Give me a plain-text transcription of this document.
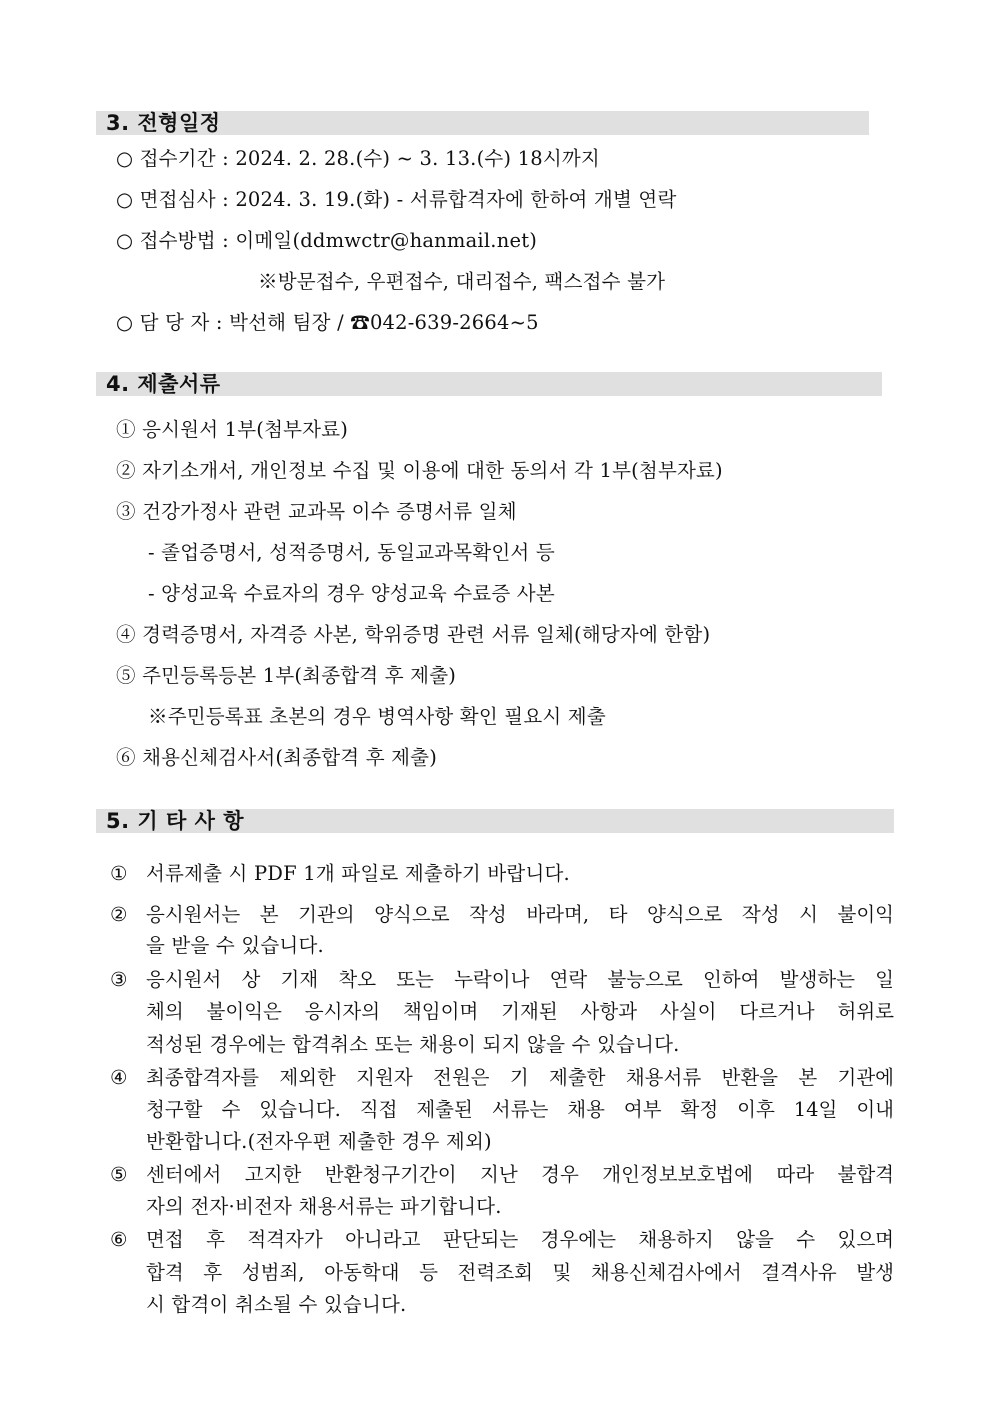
3. 전형일정
○ 접수기간 : 2024. 2. 28.(수) ~ 3. 13.(수) 18시까지
○ 면접심사 : 2024. 3. 19.(화) - 서류합격자에 한하여 개별 연락
○ 접수방법 : 이메일(ddmwctr@hanmail.net)
※방문접수, 우편접수, 대리접수, 팩스접수 불가
○ 담 당 자 : 박선해 팀장 / ☎042-639-2664~5
4. 제출서류
① 응시원서 1부(첨부자료)
② 자기소개서, 개인정보 수집 및 이용에 대한 동의서 각 1부(첨부자료)
③ 건강가정사 관련 교과목 이수 증명서류 일체
- 졸업증명서, 성적증명서, 동일교과목확인서 등
- 양성교육 수료자의 경우 양성교육 수료증 사본
④ 경력증명서, 자격증 사본, 학위증명 관련 서류 일체(해당자에 한함)
⑤ 주민등록등본 1부(최종합격 후 제출)
※주민등록표 초본의 경우 병역사항 확인 필요시 제출
⑥ 채용신체검사서(최종합격 후 제출)
5. 기 타 사 항
① 서류제출 시 PDF 1개 파일로 제출하기 바랍니다.
② 응시원서는 본 기관의 양식으로 작성 바라며, 타 양식으로 작성 시 불이익
을 받을 수 있습니다.
③ 응시원서 상 기재 착오 또는 누락이나 연락 불능으로 인하여 발생하는 일
체의 불이익은 응시자의 책임이며 기재된 사항과 사실이 다르거나 허위로
적성된 경우에는 합격취소 또는 채용이 되지 않을 수 있습니다.
④ 최종합격자를 제외한 지원자 전원은 기 제출한 채용서류 반환을 본 기관에
청구할 수 있습니다. 직접 제출된 서류는 채용 여부 확정 이후 14일 이내
반환합니다.(전자우편 제출한 경우 제외)
⑤ 센터에서 고지한 반환청구기간이 지난 경우 개인정보보호법에 따라 불합격
자의 전자·비전자 채용서류는 파기합니다.
⑥ 면접 후 적격자가 아니라고 판단되는 경우에는 채용하지 않을 수 있으며
합격 후 성범죄, 아동학대 등 전력조회 및 채용신체검사에서 결격사유 발생
시 합격이 취소될 수 있습니다.
